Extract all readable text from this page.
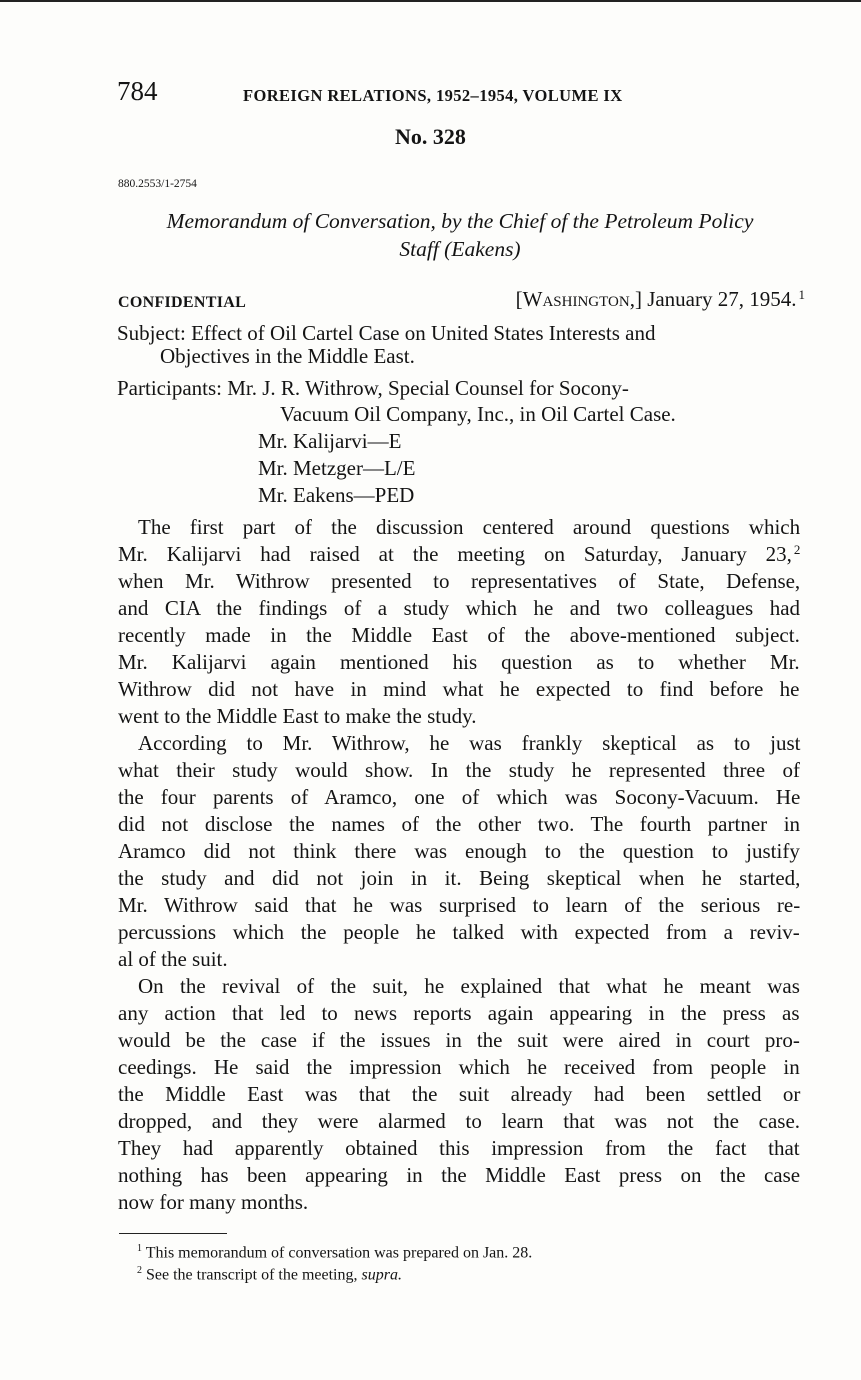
784	FOREIGN RELATIONS, 1952–1954, VOLUME IX
No. 328
880.2553/1-2754
Memorandum of Conversation, by the Chief of the Petroleum Policy
Staff (Eakens)
CONFIDENTIAL	[Washington,] January 27, 1954. $^1$
Subject: Effect of Oil Cartel Case on United States Interests and
Objectives in the Middle East.
Participants: Mr. J. R. Withrow, Special Counsel for Socony-
Vacuum Oil Company, Inc., in Oil Cartel Case.
Mr. Kalijarvi—E
Mr. Metzger—L/E
Mr. Eakens—PED
The first part of the discussion centered around questions which
Mr. Kalijarvi had raised at the meeting on Saturday, January 23, $^2$
when Mr. Withrow presented to representatives of State, Defense,
and CIA the findings of a study which he and two colleagues had
recently made in the Middle East of the above-mentioned subject.
Mr. Kalijarvi again mentioned his question as to whether Mr.
Withrow did not have in mind what he expected to find before he
went to the Middle East to make the study.
According to Mr. Withrow, he was frankly skeptical as to just
what their study would show. In the study he represented three of
the four parents of Aramco, one of which was Socony-Vacuum. He
did not disclose the names of the other two. The fourth partner in
Aramco did not think there was enough to the question to justify
the study and did not join in it. Being skeptical when he started,
Mr. Withrow said that he was surprised to learn of the serious re-
percussions which the people he talked with expected from a reviv-
al of the suit.
On the revival of the suit, he explained that what he meant was
any action that led to news reports again appearing in the press as
would be the case if the issues in the suit were aired in court pro-
ceedings. He said the impression which he received from people in
the Middle East was that the suit already had been settled or
dropped, and they were alarmed to learn that was not the case.
They had apparently obtained this impression from the fact that
nothing has been appearing in the Middle East press on the case
now for many months.
$^1$ This memorandum of conversation was prepared on Jan. 28.
$^2$ See the transcript of the meeting, supra.
